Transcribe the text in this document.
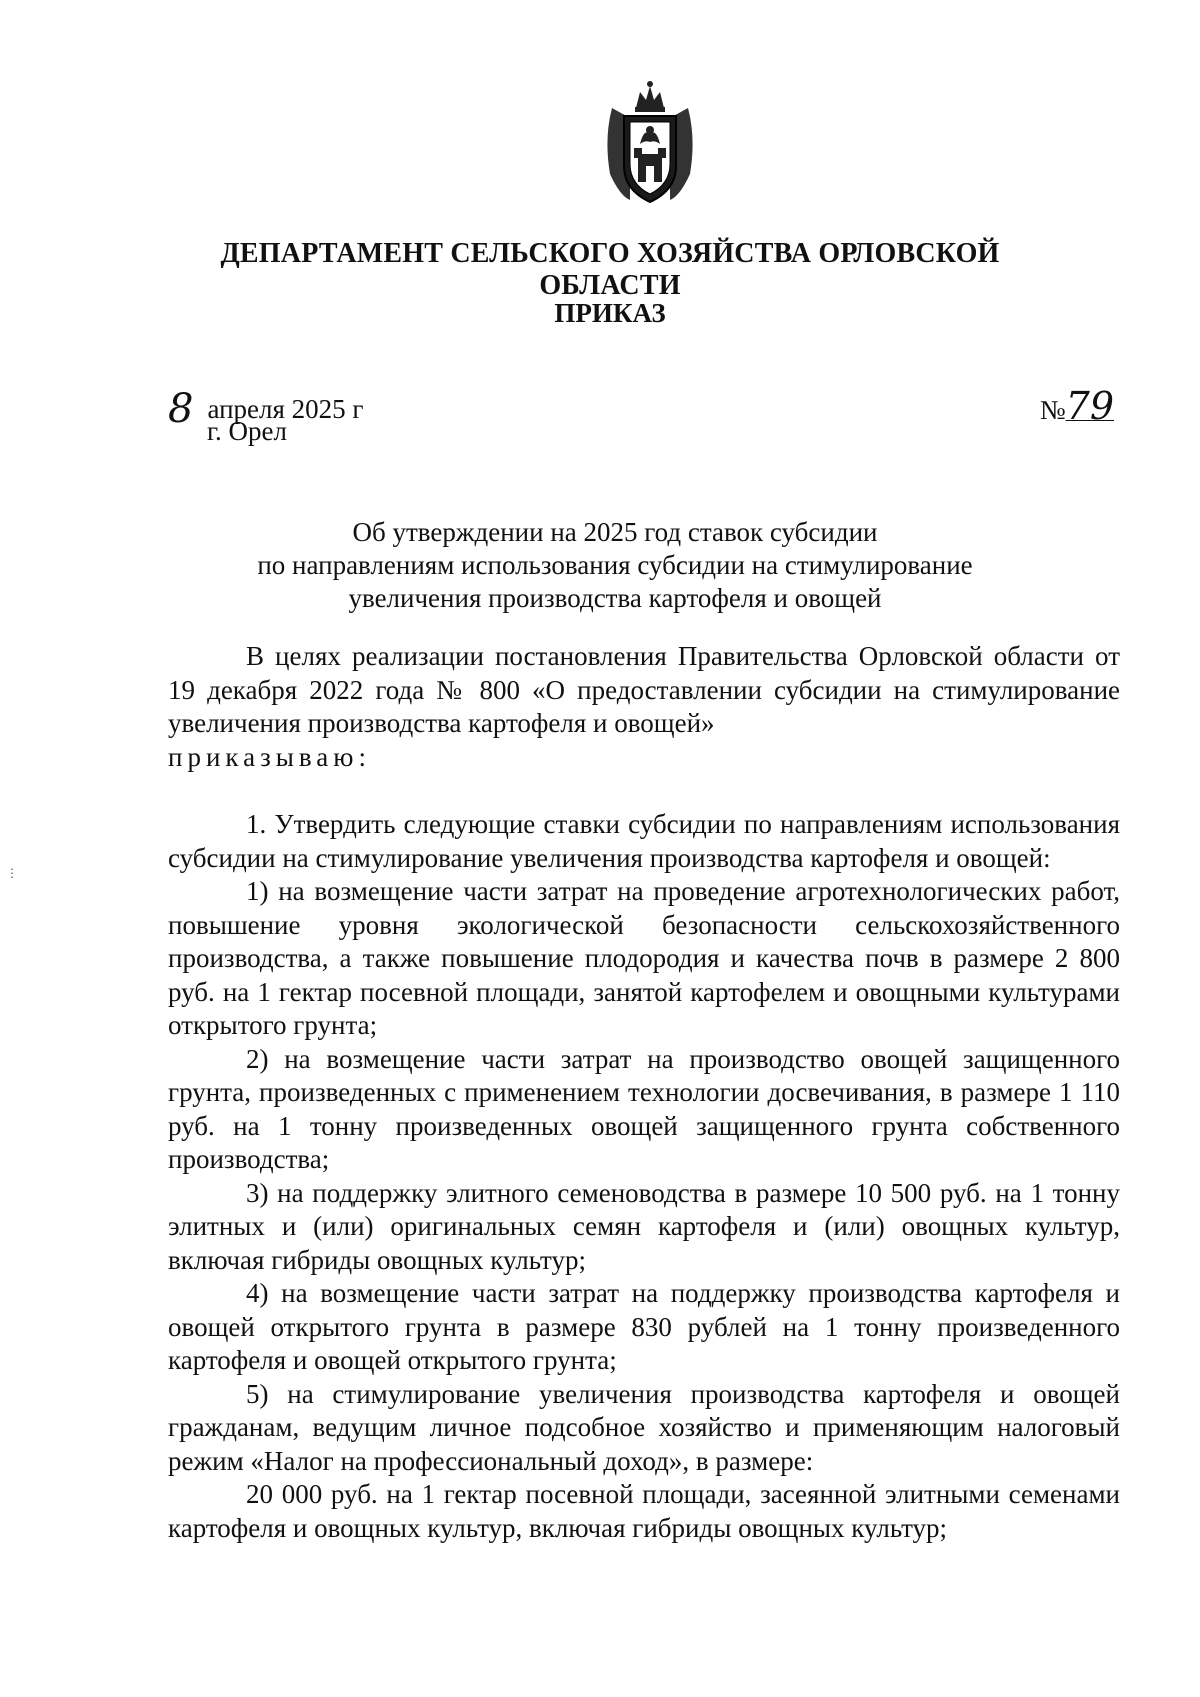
ДЕПАРТАМЕНТ СЕЛЬСКОГО ХОЗЯЙСТВА ОРЛОВСКОЙ ОБЛАСТИ
ПРИКАЗ
8 апреля 2025 г
г. Орел
№79
Об утверждении на 2025 год ставок субсидии
по направлениям использования субсидии на стимулирование
увеличения производства картофеля и овощей

В целях реализации постановления Правительства Орловской области от 19 декабря 2022 года № 800 «О предоставлении субсидии на стимулирование увеличения производства картофеля и овощей»
приказываю:

1. Утвердить следующие ставки субсидии по направлениям использования субсидии на стимулирование увеличения производства картофеля и овощей:

1) на возмещение части затрат на проведение агротехнологических работ, повышение уровня экологической безопасности сельскохозяйственного производства, а также повышение плодородия и качества почв в размере 2 800 руб. на 1 гектар посевной площади, занятой картофелем и овощными культурами открытого грунта;

2) на возмещение части затрат на производство овощей защищенного грунта, произведенных с применением технологии досвечивания, в размере 1 110 руб. на 1 тонну произведенных овощей защищенного грунта собственного производства;

3) на поддержку элитного семеноводства в размере 10 500 руб. на 1 тонну элитных и (или) оригинальных семян картофеля и (или) овощных культур, включая гибриды овощных культур;

4) на возмещение части затрат на поддержку производства картофеля и овощей открытого грунта в размере 830 рублей на 1 тонну произведенного картофеля и овощей открытого грунта;

5) на стимулирование увеличения производства картофеля и овощей гражданам, ведущим личное подсобное хозяйство и применяющим налоговый режим «Налог на профессиональный доход», в размере:

20 000 руб. на 1 гектар посевной площади, засеянной элитными семенами картофеля и овощных культур, включая гибриды овощных культур;

⋮
